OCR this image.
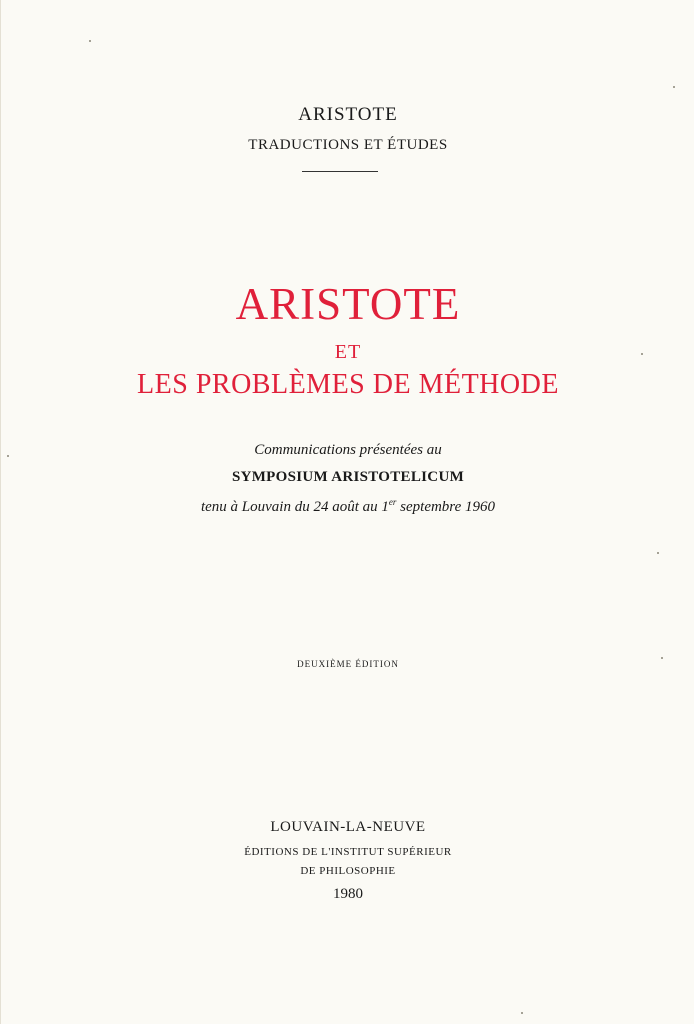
ARISTOTE

TRADUCTIONS ET ÉTUDES

ARISTOTE

ET

LES PROBLÈMES DE MÉTHODE

Communications présentées au

SYMPOSIUM ARISTOTELICUM

tenu à Louvain du 24 août au 1er septembre 1960

DEUXIÈME ÉDITION

LOUVAIN-LA-NEUVE

ÉDITIONS DE L'INSTITUT SUPÉRIEUR

DE PHILOSOPHIE

1980
